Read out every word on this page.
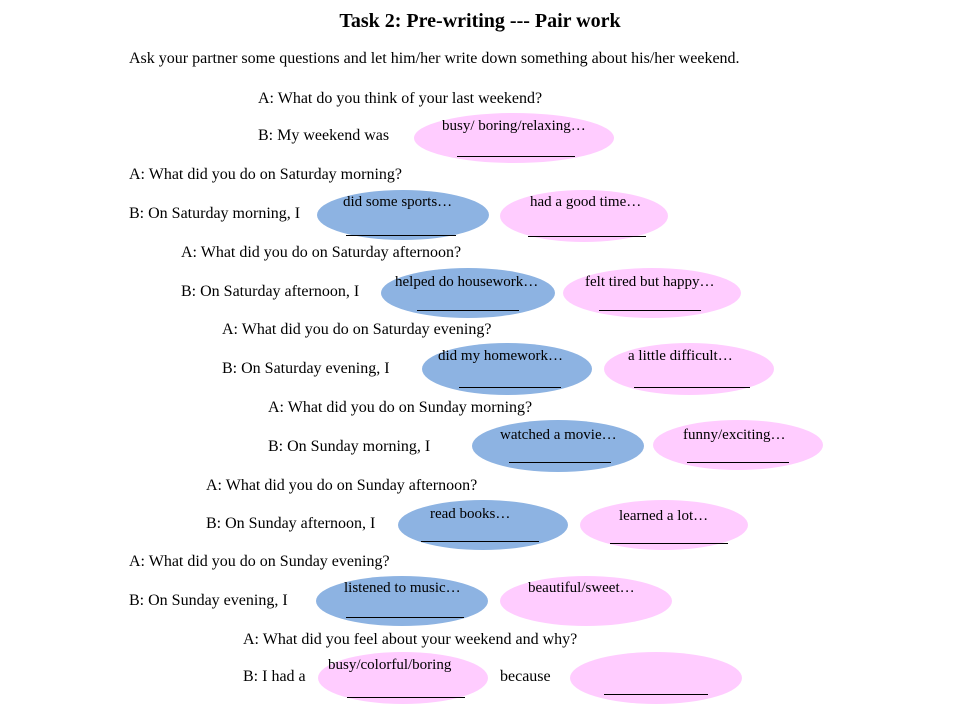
Task 2: Pre-writing --- Pair work
Ask your partner some questions and let him/her write down something about his/her weekend.
A: What do you think of your last weekend?
B: My weekend was
busy/ boring/relaxing…
A: What did you do on Saturday morning?
B: On Saturday morning, I
did some sports…	had a good time…
A: What did you do on Saturday afternoon?
B: On Saturday afternoon, I
helped do housework…	felt tired but happy…
A: What did you do on Saturday evening?
B: On Saturday evening, I
did my homework…	a little difficult…
A: What did you do on Sunday morning?
B: On Sunday morning, I
watched a movie…	funny/exciting…
A: What did you do on Sunday afternoon?
B: On Sunday afternoon, I
read books…	learned a lot…
A: What did you do on Sunday evening?
B: On Sunday evening, I
listened to music…	beautiful/sweet…
A: What did you feel about your weekend and why?
B: I had a
busy/colorful/boring
because
